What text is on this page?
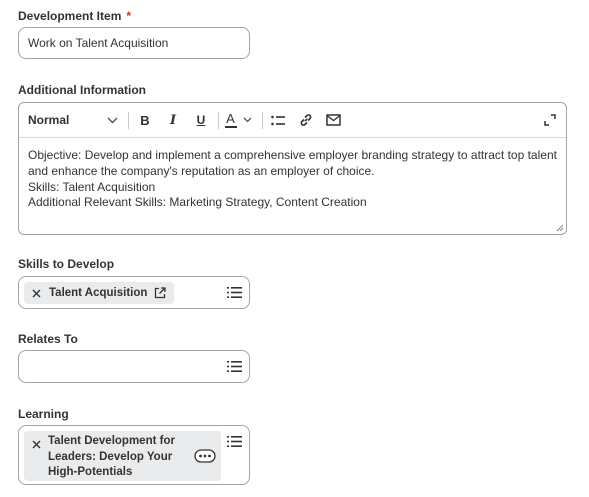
Development Item *
Work on Talent Acquisition
Additional Information
Normal	B I U A
Objective: Develop and implement a comprehensive employer branding strategy to attract top talent
and enhance the company's reputation as an employer of choice.
Skills: Talent Acquisition
Additional Relevant Skills: Marketing Strategy, Content Creation
Skills to Develop
Talent Acquisition
Relates To
Learning
Talent Development for
Leaders: Develop Your
High-Potentials
